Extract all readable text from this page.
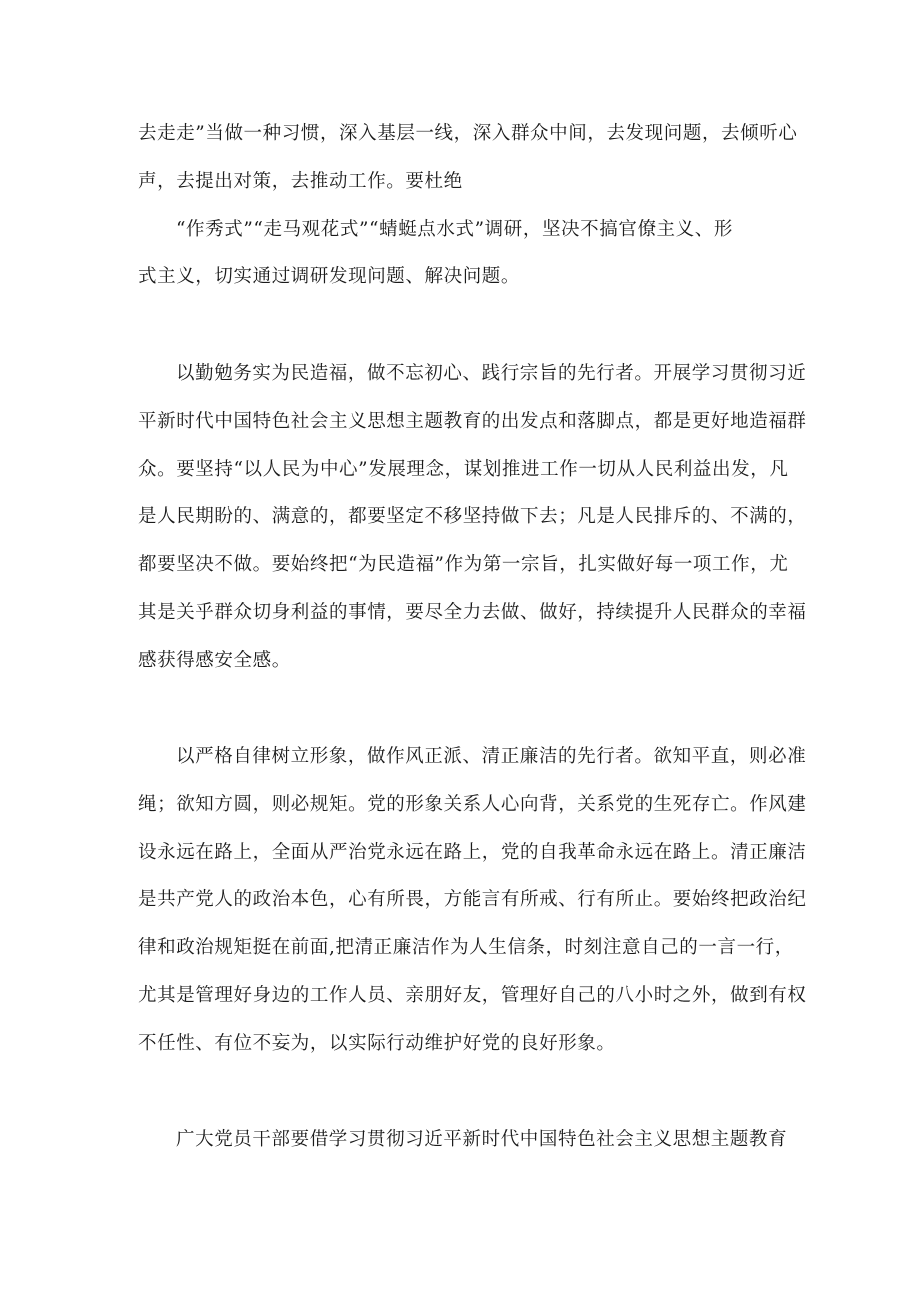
去走走”当做一种习惯，深入基层一线，深入群众中间，去发现问题，去倾听心
声，去提出对策，去推动工作。要杜绝
“作秀式”“走马观花式”“蜻蜓点水式”调研，坚决不搞官僚主义、形
式主义，切实通过调研发现问题、解决问题。
以勤勉务实为民造福，做不忘初心、践行宗旨的先行者。开展学习贯彻习近
平新时代中国特色社会主义思想主题教育的出发点和落脚点，都是更好地造福群
众。要坚持“以人民为中心”发展理念，谋划推进工作一切从人民利益出发，凡
是人民期盼的、满意的，都要坚定不移坚持做下去；凡是人民排斥的、不满的，
都要坚决不做。要始终把“为民造福”作为第一宗旨，扎实做好每一项工作，尤
其是关乎群众切身利益的事情，要尽全力去做、做好，持续提升人民群众的幸福
感获得感安全感。
以严格自律树立形象，做作风正派、清正廉洁的先行者。欲知平直，则必准
绳；欲知方圆，则必规矩。党的形象关系人心向背，关系党的生死存亡。作风建
设永远在路上，全面从严治党永远在路上，党的自我革命永远在路上。清正廉洁
是共产党人的政治本色，心有所畏，方能言有所戒、行有所止。要始终把政治纪
律和政治规矩挺在前面,把清正廉洁作为人生信条，时刻注意自己的一言一行，
尤其是管理好身边的工作人员、亲朋好友，管理好自己的八小时之外，做到有权
不任性、有位不妄为，以实际行动维护好党的良好形象。
广大党员干部要借学习贯彻习近平新时代中国特色社会主义思想主题教育
